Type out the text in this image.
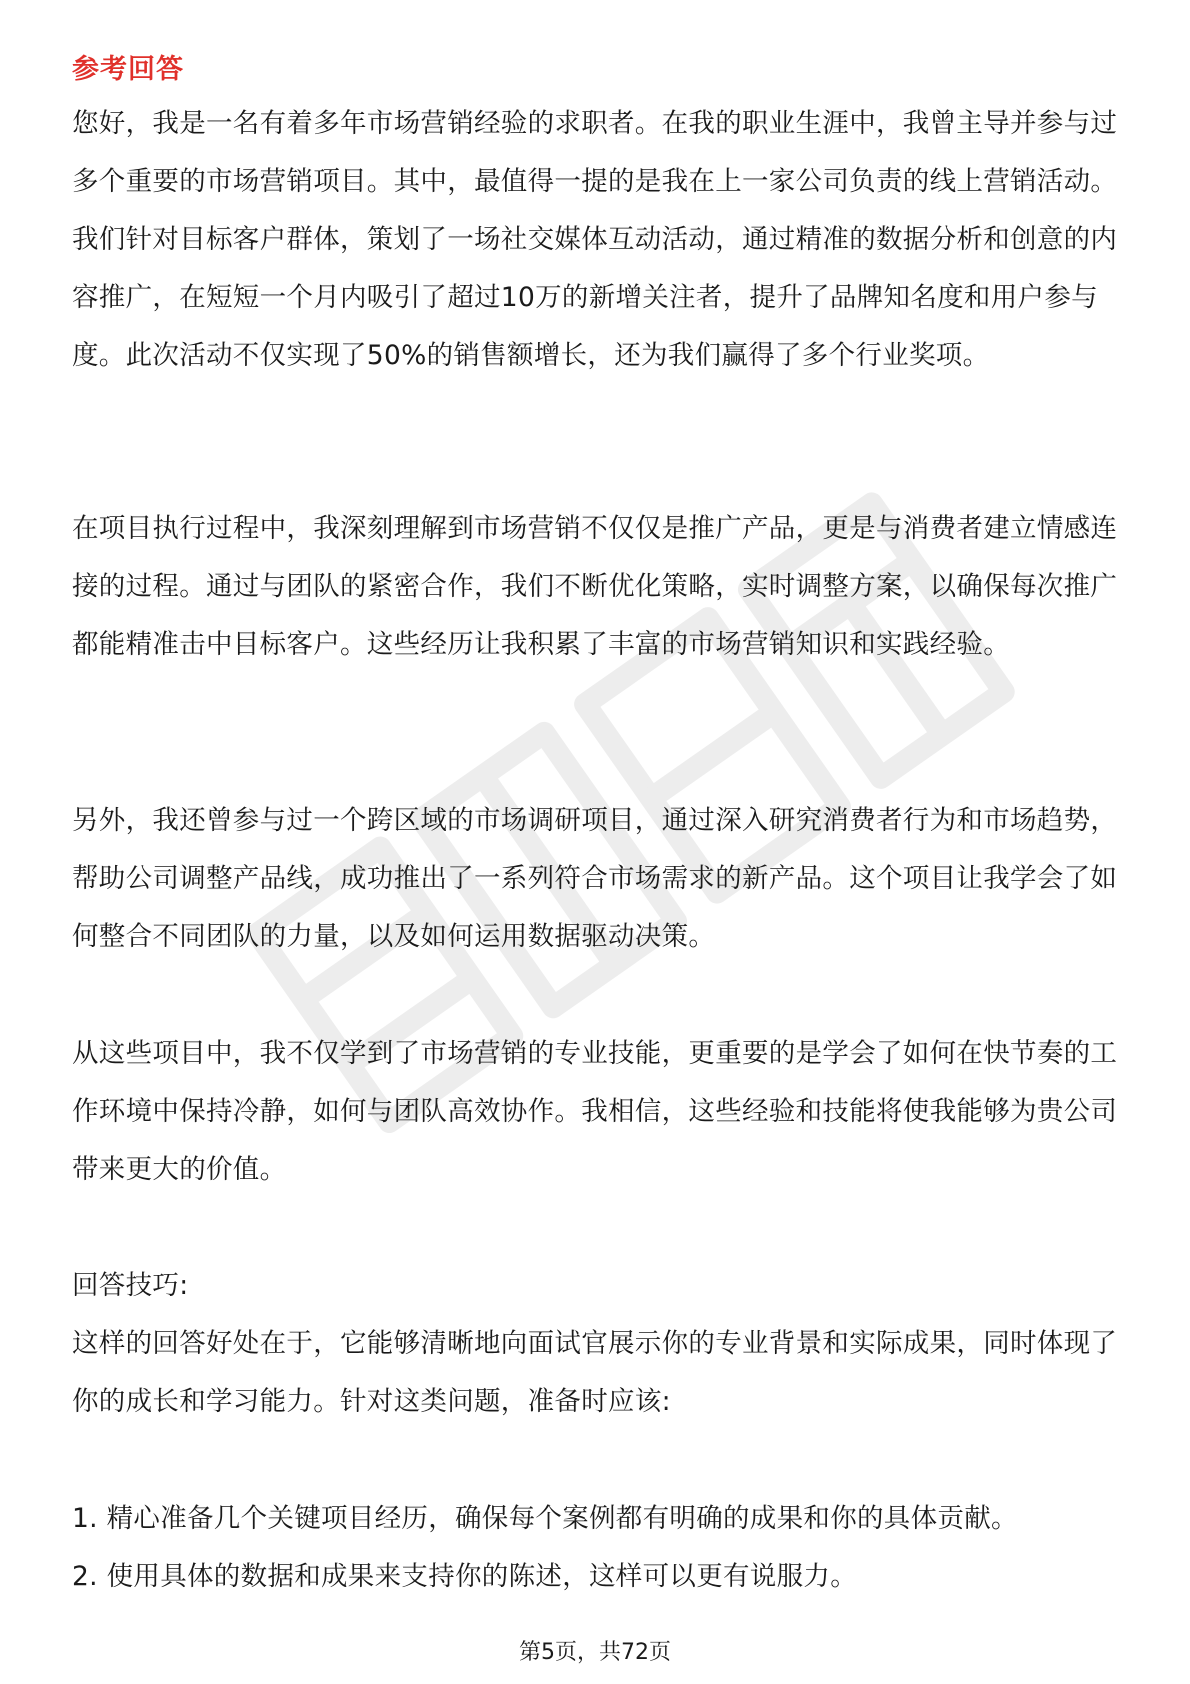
参考回答

您好，我是一名有着多年市场营销经验的求职者。在我的职业生涯中，我曾主导并参与过多个重要的市场营销项目。其中，最值得一提的是我在上一家公司负责的线上营销活动。我们针对目标客户群体，策划了一场社交媒体互动活动，通过精准的数据分析和创意的内容推广，在短短一个月内吸引了超过10万的新增关注者，提升了品牌知名度和用户参与度。此次活动不仅实现了50%的销售额增长，还为我们赢得了多个行业奖项。

在项目执行过程中，我深刻理解到市场营销不仅仅是推广产品，更是与消费者建立情感连接的过程。通过与团队的紧密合作，我们不断优化策略，实时调整方案，以确保每次推广都能精准击中目标客户。这些经历让我积累了丰富的市场营销知识和实践经验。

另外，我还曾参与过一个跨区域的市场调研项目，通过深入研究消费者行为和市场趋势，帮助公司调整产品线，成功推出了一系列符合市场需求的新产品。这个项目让我学会了如何整合不同团队的力量，以及如何运用数据驱动决策。

从这些项目中，我不仅学到了市场营销的专业技能，更重要的是学会了如何在快节奏的工作环境中保持冷静，如何与团队高效协作。我相信，这些经验和技能将使我能够为贵公司带来更大的价值。

回答技巧:

这样的回答好处在于，它能够清晰地向面试官展示你的专业背景和实际成果，同时体现了你的成长和学习能力。针对这类问题，准备时应该:

1. 精心准备几个关键项目经历，确保每个案例都有明确的成果和你的具体贡献。

2. 使用具体的数据和成果来支持你的陈述，这样可以更有说服力。

第5页，共72页
